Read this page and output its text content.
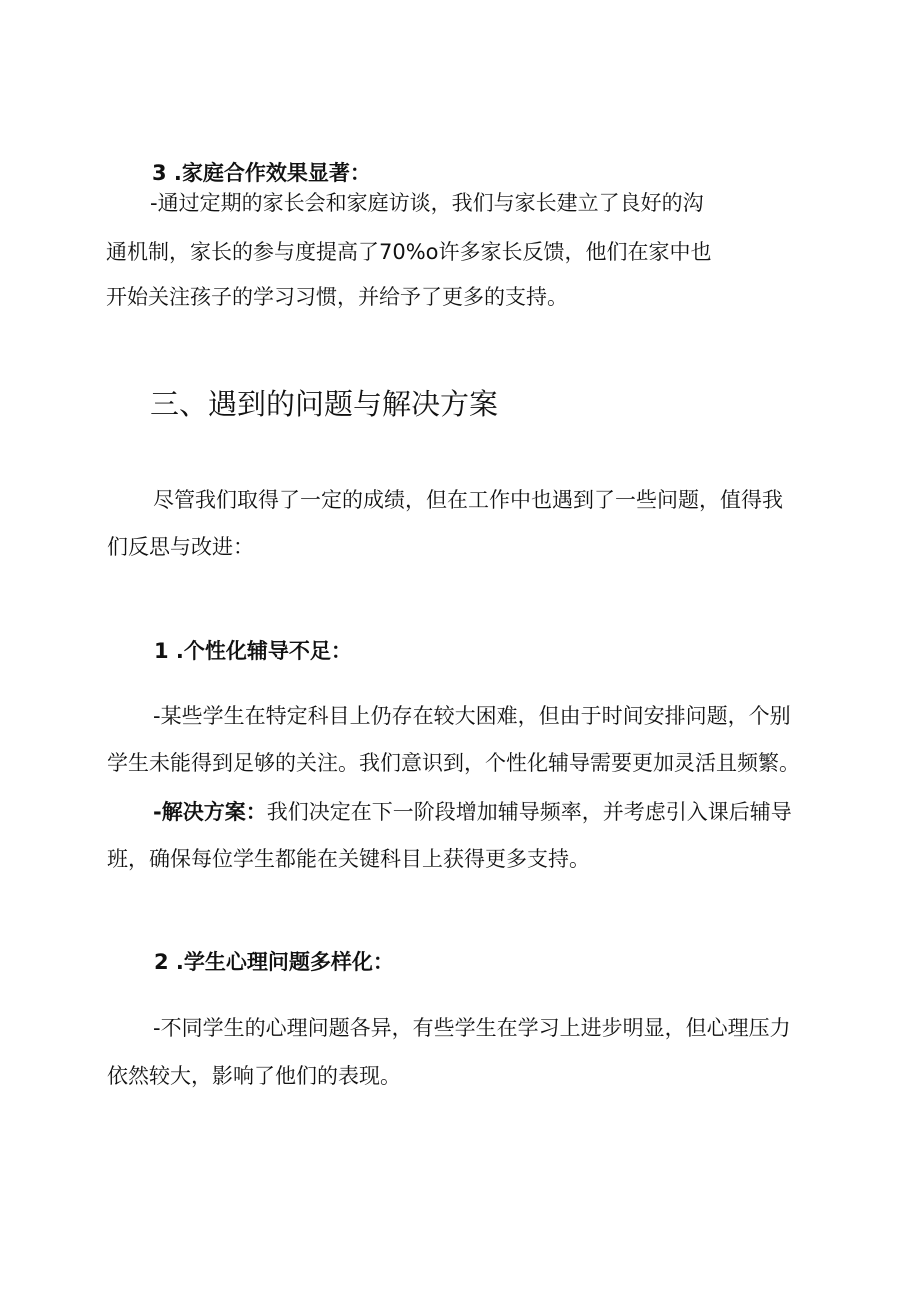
3 .家庭合作效果显著：
-通过定期的家长会和家庭访谈，我们与家长建立了良好的沟
通机制，家长的参与度提高了70%o许多家长反馈，他们在家中也
开始关注孩子的学习习惯，并给予了更多的支持。
三、遇到的问题与解决方案
尽管我们取得了一定的成绩，但在工作中也遇到了一些问题，值得我
们反思与改进：
1 .个性化辅导不足：
-某些学生在特定科目上仍存在较大困难，但由于时间安排问题，个别
学生未能得到足够的关注。我们意识到，个性化辅导需要更加灵活且频繁。
-解决方案：我们决定在下一阶段增加辅导频率，并考虑引入课后辅导
班，确保每位学生都能在关键科目上获得更多支持。
2 .学生心理问题多样化：
-不同学生的心理问题各异，有些学生在学习上进步明显，但心理压力
依然较大，影响了他们的表现。
